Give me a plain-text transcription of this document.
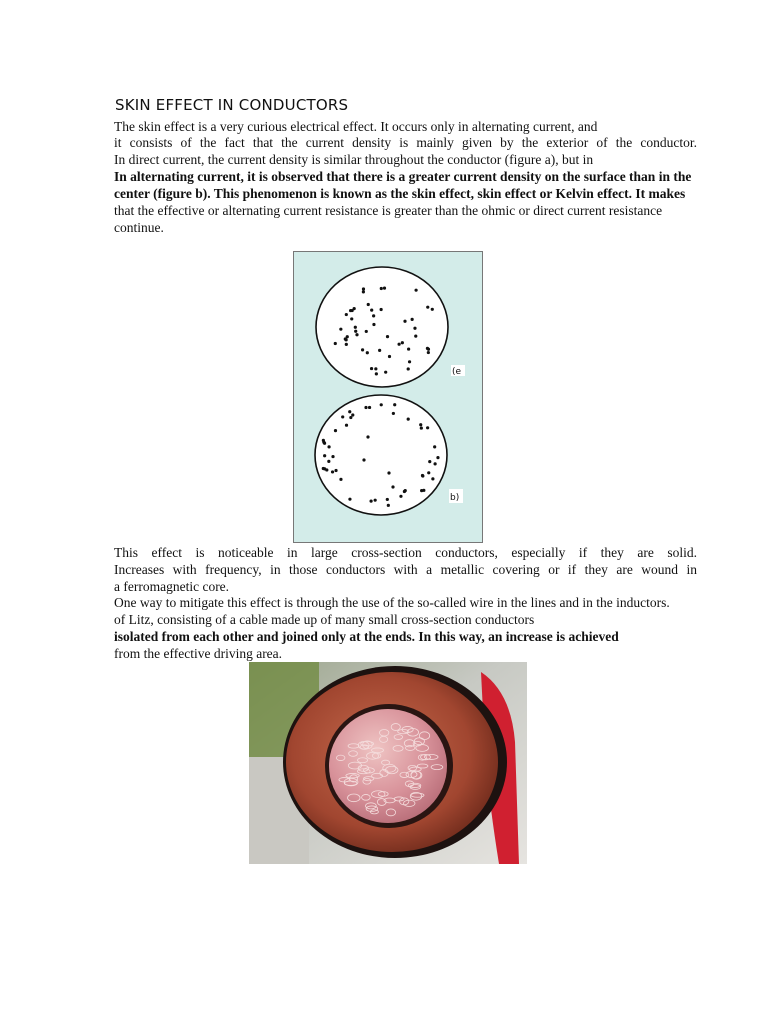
SKIN EFFECT IN CONDUCTORS
The skin effect is a very curious electrical effect. It occurs only in alternating current, and
it consists of the fact that the current density is mainly given by the exterior of the conductor.
In direct current, the current density is similar throughout the conductor (figure a), but in
In alternating current, it is observed that there is a greater current density on the surface than in the
center (figure b). This phenomenon is known as the skin effect, skin effect or Kelvin effect. It makes
that the effective or alternating current resistance is greater than the ohmic or direct current resistance
continue.
(e
b)
This effect is noticeable in large cross-section conductors, especially if they are solid.
Increases with frequency, in those conductors with a metallic covering or if they are wound in
a ferromagnetic core.
One way to mitigate this effect is through the use of the so-called wire in the lines and in the inductors.
of Litz, consisting of a cable made up of many small cross-section conductors
isolated from each other and joined only at the ends. In this way, an increase is achieved
from the effective driving area.
